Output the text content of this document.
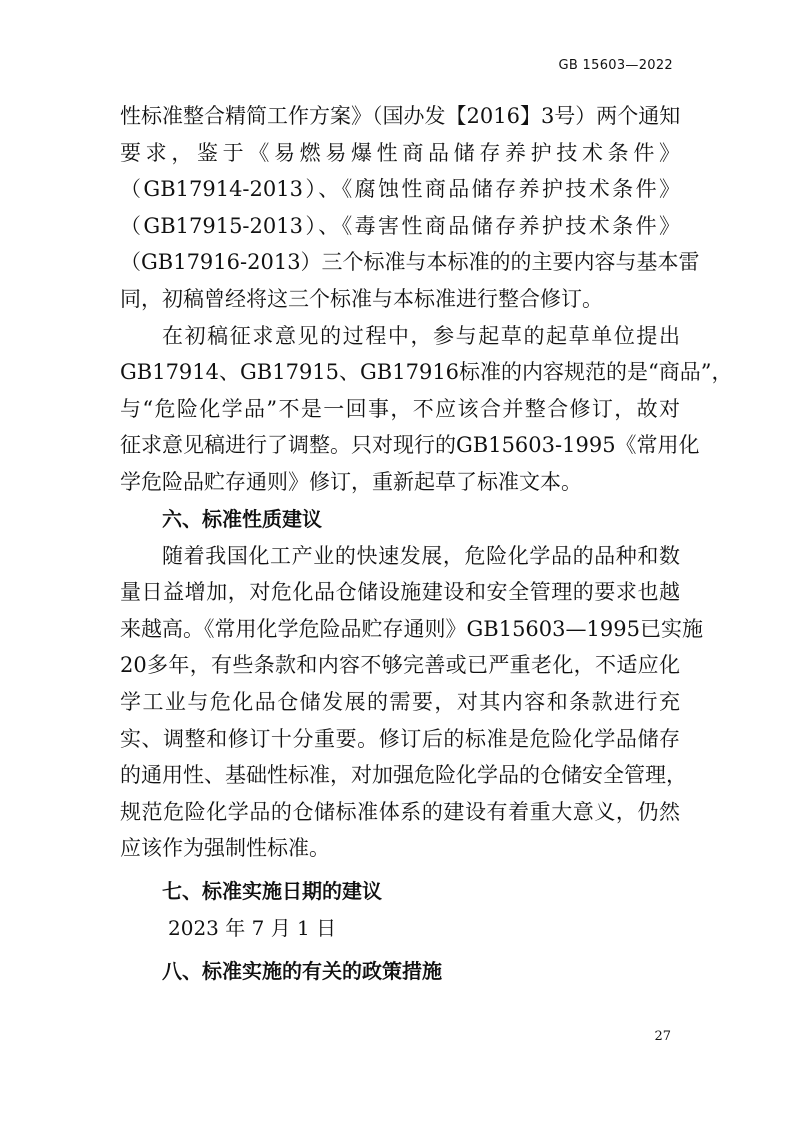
GB 15603—2022
性标准整合精简工作方案》（国办发【2016】3号）两个通知
要求，鉴于《易燃易爆性商品储存养护技术条件》
（GB17914-2013）、《腐蚀性商品储存养护技术条件》
（GB17915-2013）、《毒害性商品储存养护技术条件》
（GB17916-2013）三个标准与本标准的的主要内容与基本雷
同，初稿曾经将这三个标准与本标准进行整合修订。
在初稿征求意见的过程中，参与起草的起草单位提出
GB17914、GB17915、GB17916标准的内容规范的是“商品”，
与“危险化学品”不是一回事，不应该合并整合修订，故对
征求意见稿进行了调整。只对现行的GB15603-1995《常用化
学危险品贮存通则》修订，重新起草了标准文本。
六、标准性质建议
随着我国化工产业的快速发展，危险化学品的品种和数
量日益增加，对危化品仓储设施建设和安全管理的要求也越
来越高。《常用化学危险品贮存通则》GB15603—1995已实施
20多年，有些条款和内容不够完善或已严重老化，不适应化
学工业与危化品仓储发展的需要，对其内容和条款进行充
实、调整和修订十分重要。修订后的标准是危险化学品储存
的通用性、基础性标准，对加强危险化学品的仓储安全管理，
规范危险化学品的仓储标准体系的建设有着重大意义，仍然
应该作为强制性标准。
七、标准实施日期的建议
2023 年 7 月 1 日
八、标准实施的有关的政策措施
27
